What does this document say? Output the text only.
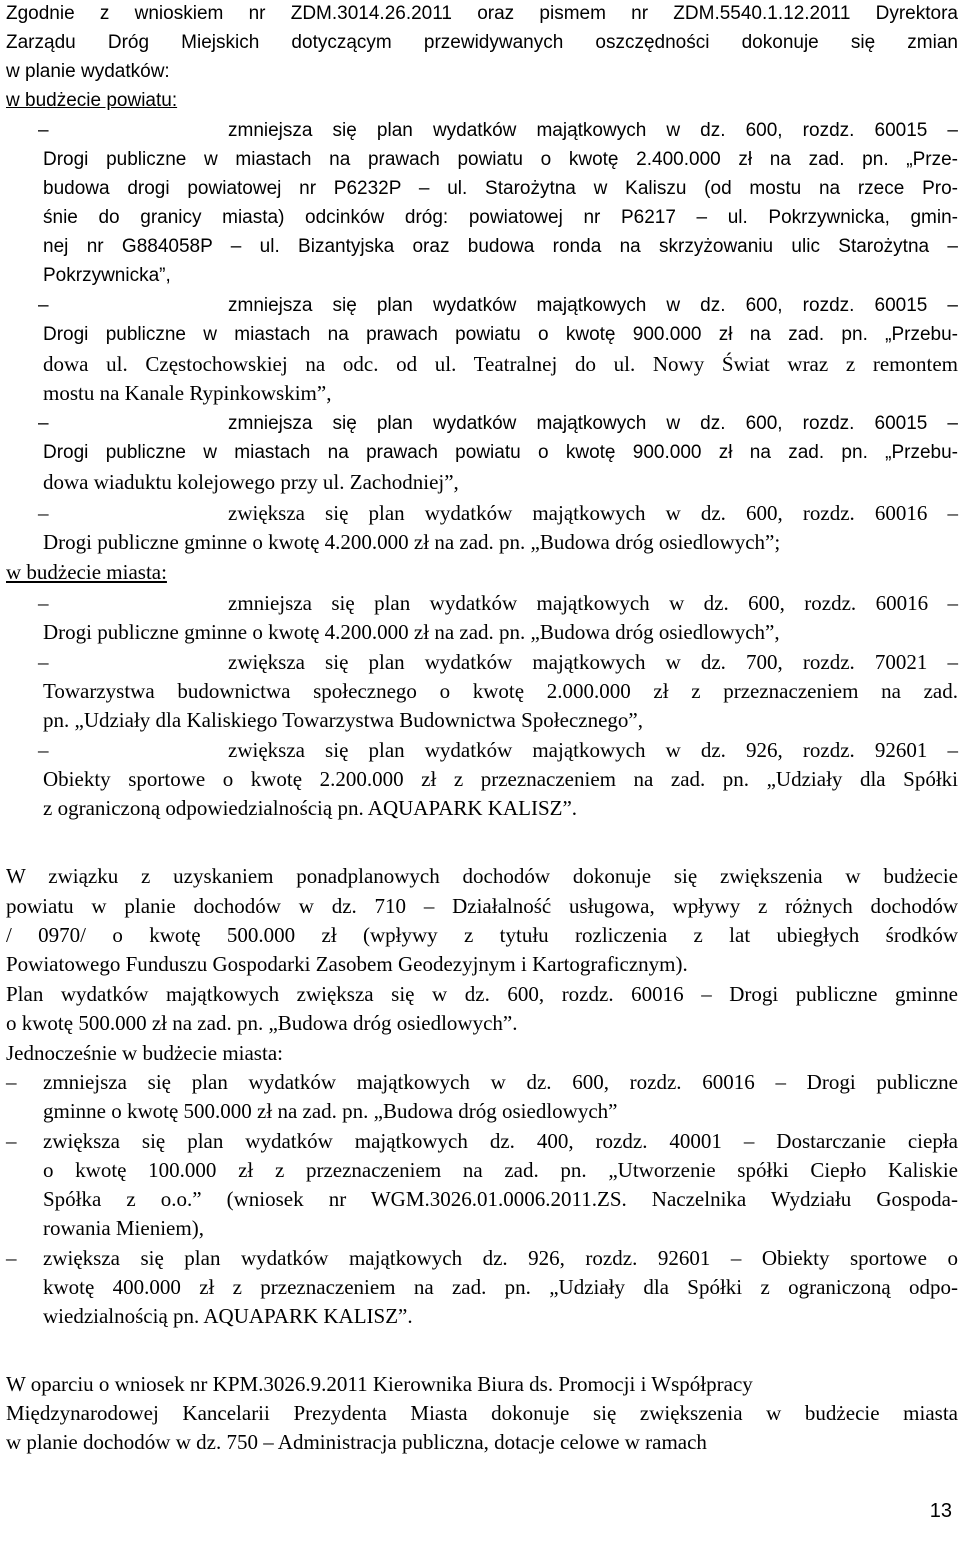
Zgodnie z wnioskiem nr ZDM.3014.26.2011 oraz pismem nr ZDM.5540.1.12.2011 Dyrektora
Zarządu Dróg Miejskich dotyczącym przewidywanych oszczędności dokonuje się zmian
w planie wydatków:
w budżecie powiatu:
–	zmniejsza się plan wydatków majątkowych w dz. 600, rozdz. 60015 –
Drogi publiczne w miastach na prawach powiatu o kwotę 2.400.000 zł na zad. pn. „Prze-
budowa drogi powiatowej nr P6232P – ul. Starożytna w Kaliszu (od mostu na rzece Pro-
śnie do granicy miasta) odcinków dróg: powiatowej nr P6217 – ul. Pokrzywnicka, gmin-
nej nr G884058P – ul. Bizantyjska oraz budowa ronda na skrzyżowaniu ulic Starożytna –
Pokrzywnicka”,
–	zmniejsza się plan wydatków majątkowych w dz. 600, rozdz. 60015 –
Drogi publiczne w miastach na prawach powiatu o kwotę 900.000 zł na zad. pn. „Przebu-
dowa ul. Częstochowskiej na odc. od ul. Teatralnej do ul. Nowy Świat wraz z remontem
mostu na Kanale Rypinkowskim”,
–	zmniejsza się plan wydatków majątkowych w dz. 600, rozdz. 60015 –
Drogi publiczne w miastach na prawach powiatu o kwotę 900.000 zł na zad. pn. „Przebu-
dowa wiaduktu kolejowego przy ul. Zachodniej”,
–	zwiększa się plan wydatków majątkowych w dz. 600, rozdz. 60016 –
Drogi publiczne gminne o kwotę 4.200.000 zł na zad. pn. „Budowa dróg osiedlowych”;
w budżecie miasta:
–	zmniejsza się plan wydatków majątkowych w dz. 600, rozdz. 60016 –
Drogi publiczne gminne o kwotę 4.200.000 zł na zad. pn. „Budowa dróg osiedlowych”,
–	zwiększa się plan wydatków majątkowych w dz. 700, rozdz. 70021 –
Towarzystwa budownictwa społecznego o kwotę 2.000.000 zł z przeznaczeniem na zad.
pn. „Udziały dla Kaliskiego Towarzystwa Budownictwa Społecznego”,
–	zwiększa się plan wydatków majątkowych w dz. 926, rozdz. 92601 –
Obiekty sportowe o kwotę 2.200.000 zł z przeznaczeniem na zad. pn. „Udziały dla Spółki
z ograniczoną odpowiedzialnością pn. AQUAPARK KALISZ”.
W związku z uzyskaniem ponadplanowych dochodów dokonuje się zwiększenia w budżecie
powiatu w planie dochodów w dz. 710 – Działalność usługowa, wpływy z różnych dochodów
/ 0970/ o kwotę 500.000 zł (wpływy z tytułu rozliczenia z lat ubiegłych środków
Powiatowego Funduszu Gospodarki Zasobem Geodezyjnym i Kartograficznym).
Plan wydatków majątkowych zwiększa się w dz. 600, rozdz. 60016 – Drogi publiczne gminne
o kwotę 500.000 zł na zad. pn. „Budowa dróg osiedlowych”.
Jednocześnie w budżecie miasta:
– zmniejsza się plan wydatków majątkowych w dz. 600, rozdz. 60016 – Drogi publiczne
gminne o kwotę 500.000 zł na zad. pn. „Budowa dróg osiedlowych”
– zwiększa się plan wydatków majątkowych dz. 400, rozdz. 40001 – Dostarczanie ciepła
o kwotę 100.000 zł z przeznaczeniem na zad. pn. „Utworzenie spółki Ciepło Kaliskie
Spółka z o.o.” (wniosek nr WGM.3026.01.0006.2011.ZS. Naczelnika Wydziału Gospoda-
rowania Mieniem),
– zwiększa się plan wydatków majątkowych dz. 926, rozdz. 92601 – Obiekty sportowe o
kwotę 400.000 zł z przeznaczeniem na zad. pn. „Udziały dla Spółki z ograniczoną odpo-
wiedzialnością pn. AQUAPARK KALISZ”.
W oparciu o wniosek nr KPM.3026.9.2011 Kierownika Biura ds. Promocji i Współpracy
Międzynarodowej Kancelarii Prezydenta Miasta dokonuje się zwiększenia w budżecie miasta
w planie dochodów w dz. 750 – Administracja publiczna, dotacje celowe w ramach
13
